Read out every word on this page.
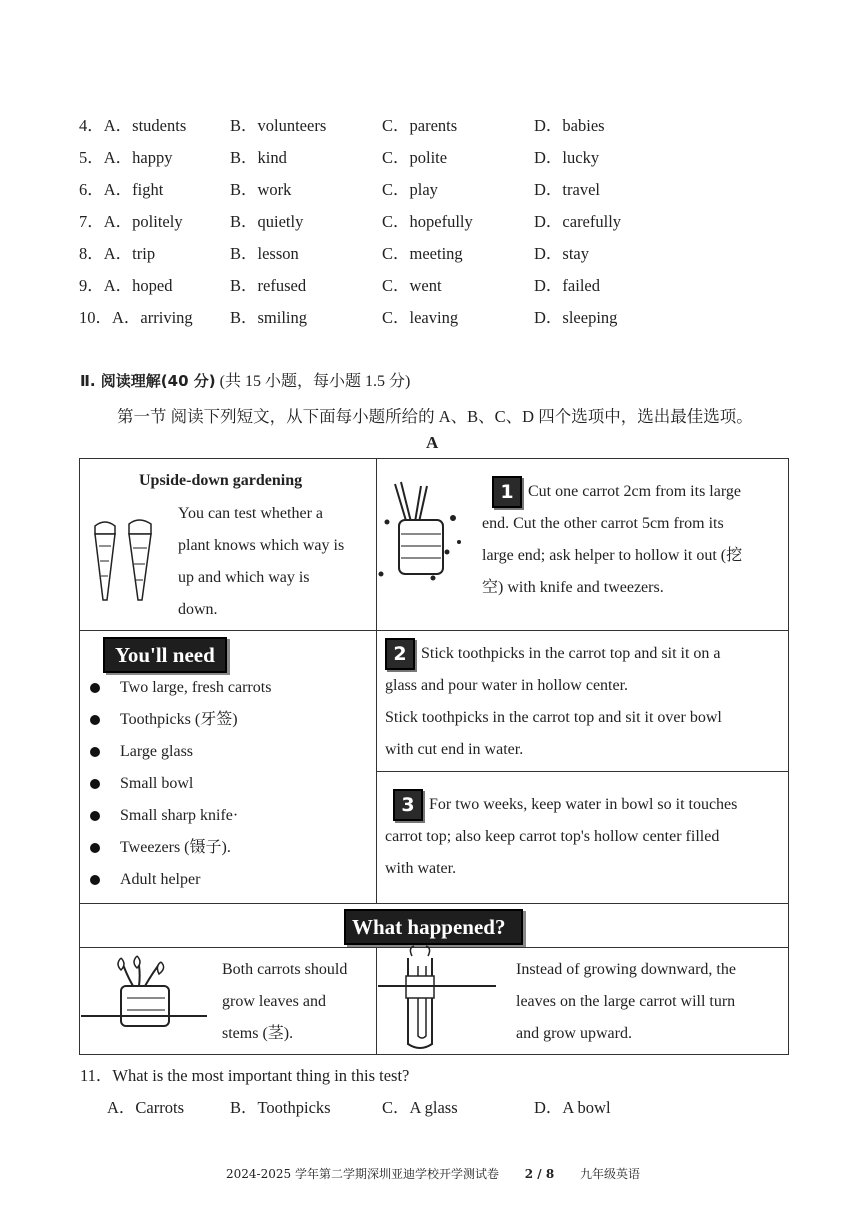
4．A．students	B．volunteers	C．parents	D．babies
5．A．happy	B．kind	C．polite	D．lucky
6．A．fight	B．work	C．play	D．travel
7．A．politely	B．quietly	C．hopefully	D．carefully
8．A．trip	B．lesson	C．meeting	D．stay
9．A．hoped	B．refused	C．went	D．failed
10．A．arriving B．smiling	C．leaving	D．sleeping
Ⅱ. 阅读理解(40 分) (共 15 小题，每小题 1.5 分)
第一节 阅读下列短文，从下面每小题所给的 A、B、C、D 四个选项中，选出最佳选项。
A
Upside-down gardening
You can test whether a
plant knows which way is
up and which way is
down.
1 Cut one carrot 2cm from its large
end. Cut the other carrot 5cm from its
large end; ask helper to hollow it out (挖
空) with knife and tweezers.
You'll need
Two large, fresh carrots
Toothpicks (牙签)
Large glass
Small bowl
Small sharp knife·
Tweezers (镊子).
Adult helper
2 Stick toothpicks in the carrot top and sit it on a
glass and pour water in hollow center.
Stick toothpicks in the carrot top and sit it over bowl
with cut end in water.
3 For two weeks, keep water in bowl so it touches
carrot top; also keep carrot top's hollow center filled
with water.
What happened?
Both carrots should
grow leaves and
stems (茎).
Instead of growing downward, the
leaves on the large carrot will turn
and grow upward.
11．What is the most important thing in this test?
A．Carrots	B．Toothpicks	C．A glass	D．A bowl
2024-2025 学年第二学期深圳亚迪学校开学测试卷 2 / 8 九年级英语
